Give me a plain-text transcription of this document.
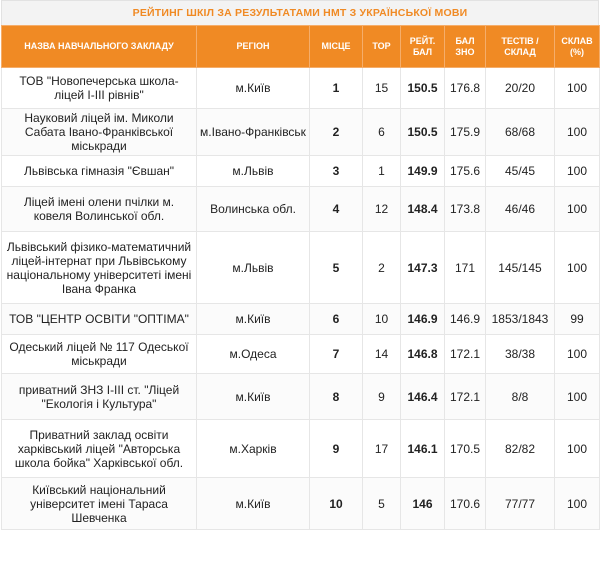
РЕЙТИНГ ШКІЛ ЗА РЕЗУЛЬТАТАМИ НМТ З УКРАЇНСЬКОЇ МОВИ
НАЗВА НАВЧАЛЬНОГО ЗАКЛАДУ	РЕГІОН	МІСЦЕ	ТОР	РЕЙТ. БАЛ	БАЛ ЗНО	ТЕСТІВ / СКЛАД	СКЛАВ (%)
ТОВ "Новопечерська школа-ліцей І-ІІІ рівнів"	м.Київ	1	15	150.5	176.8	20/20	100
Науковий ліцей ім. Миколи Сабата Івано-Франківської міськради	м.Івано-Франківськ	2	6	150.5	175.9	68/68	100
Львівська гімназія "Євшан"	м.Львів	3	1	149.9	175.6	45/45	100
Ліцей імені олени пчілки м. ковеля Волинської обл.	Волинська обл.	4	12	148.4	173.8	46/46	100
Львівський фізико-математичний ліцей-інтернат при Львівському національному університеті імені Івана Франка	м.Львів	5	2	147.3	171	145/145	100
ТОВ "ЦЕНТР ОСВІТИ "ОПТІМА"	м.Київ	6	10	146.9	146.9	1853/1843	99
Одеський ліцей № 117 Одеської міськради	м.Одеса	7	14	146.8	172.1	38/38	100
приватний ЗНЗ І-ІІІ ст. "Ліцей "Екологія і Культура"	м.Київ	8	9	146.4	172.1	8/8	100
Приватний заклад освіти харківський ліцей "Авторська школа бойка" Харківської обл.	м.Харків	9	17	146.1	170.5	82/82	100
Київський національний університет імені Тараса Шевченка	м.Київ	10	5	146	170.6	77/77	100
